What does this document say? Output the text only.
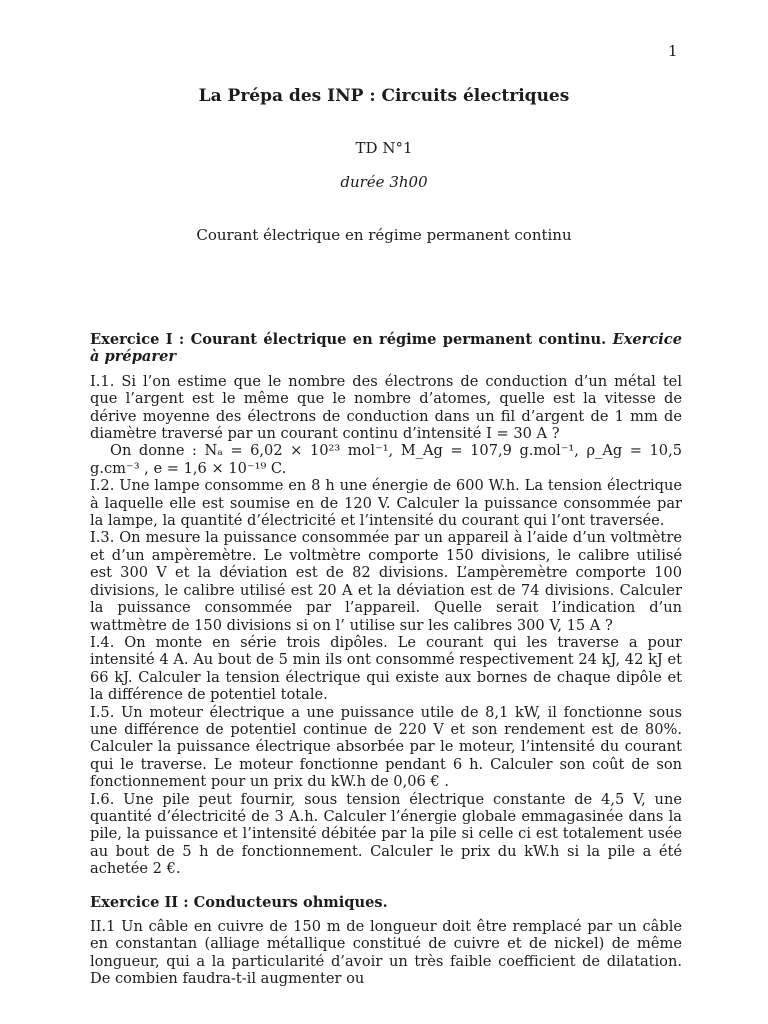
1
La Prépa des INP : Circuits électriques
TD N°1
durée 3h00
Courant électrique en régime permanent continu
Exercice I : Courant électrique en régime permanent continu. Exercice à préparer

I.1. Si l’on estime que le nombre des électrons de conduction d’un métal tel que l’argent est le même que le nombre d’atomes, quelle est la vitesse de dérive moyenne des électrons de conduction dans un fil d’argent de 1 mm de diamètre traversé par un courant continu d’intensité I = 30 A ?

On donne : Nₐ = 6,02 × 10²³ mol⁻¹, M_Ag = 107,9 g.mol⁻¹, ρ_Ag = 10,5 g.cm⁻³ , e = 1,6 × 10⁻¹⁹ C.

I.2. Une lampe consomme en 8 h une énergie de 600 W.h. La tension électrique à laquelle elle est soumise en de 120 V. Calculer la puissance consommée par la lampe, la quantité d’électricité et l’intensité du courant qui l’ont traversée.

I.3. On mesure la puissance consommée par un appareil à l’aide d’un voltmètre et d’un ampèremètre. Le voltmètre comporte 150 divisions, le calibre utilisé est 300 V et la déviation est de 82 divisions. L’ampèremètre comporte 100 divisions, le calibre utilisé est 20 A et la déviation est de 74 divisions. Calculer la puissance consommée par l’appareil. Quelle serait l’indication d’un wattmètre de 150 divisions si on l’ utilise sur les calibres 300 V, 15 A ?

I.4. On monte en série trois dipôles. Le courant qui les traverse a pour intensité 4 A. Au bout de 5 min ils ont consommé respectivement 24 kJ, 42 kJ et 66 kJ. Calculer la tension électrique qui existe aux bornes de chaque dipôle et la différence de potentiel totale.

I.5. Un moteur électrique a une puissance utile de 8,1 kW, il fonctionne sous une différence de potentiel continue de 220 V et son rendement est de 80%. Calculer la puissance électrique absorbée par le moteur, l’intensité du courant qui le traverse. Le moteur fonctionne pendant 6 h. Calculer son coût de son fonctionnement pour un prix du kW.h de 0,06 € .

I.6. Une pile peut fournir, sous tension électrique constante de 4,5 V, une quantité d’électricité de 3 A.h. Calculer l’énergie globale emmagasinée dans la pile, la puissance et l’intensité débitée par la pile si celle ci est totalement usée au bout de 5 h de fonctionnement. Calculer le prix du kW.h si la pile a été achetée 2 €.

Exercice II : Conducteurs ohmiques.

II.1 Un câble en cuivre de 150 m de longueur doit être remplacé par un câble en constantan (alliage métallique constitué de cuivre et de nickel) de même longueur, qui a la particularité d’avoir un très faible coefficient de dilatation. De combien faudra-t-il augmenter ou
